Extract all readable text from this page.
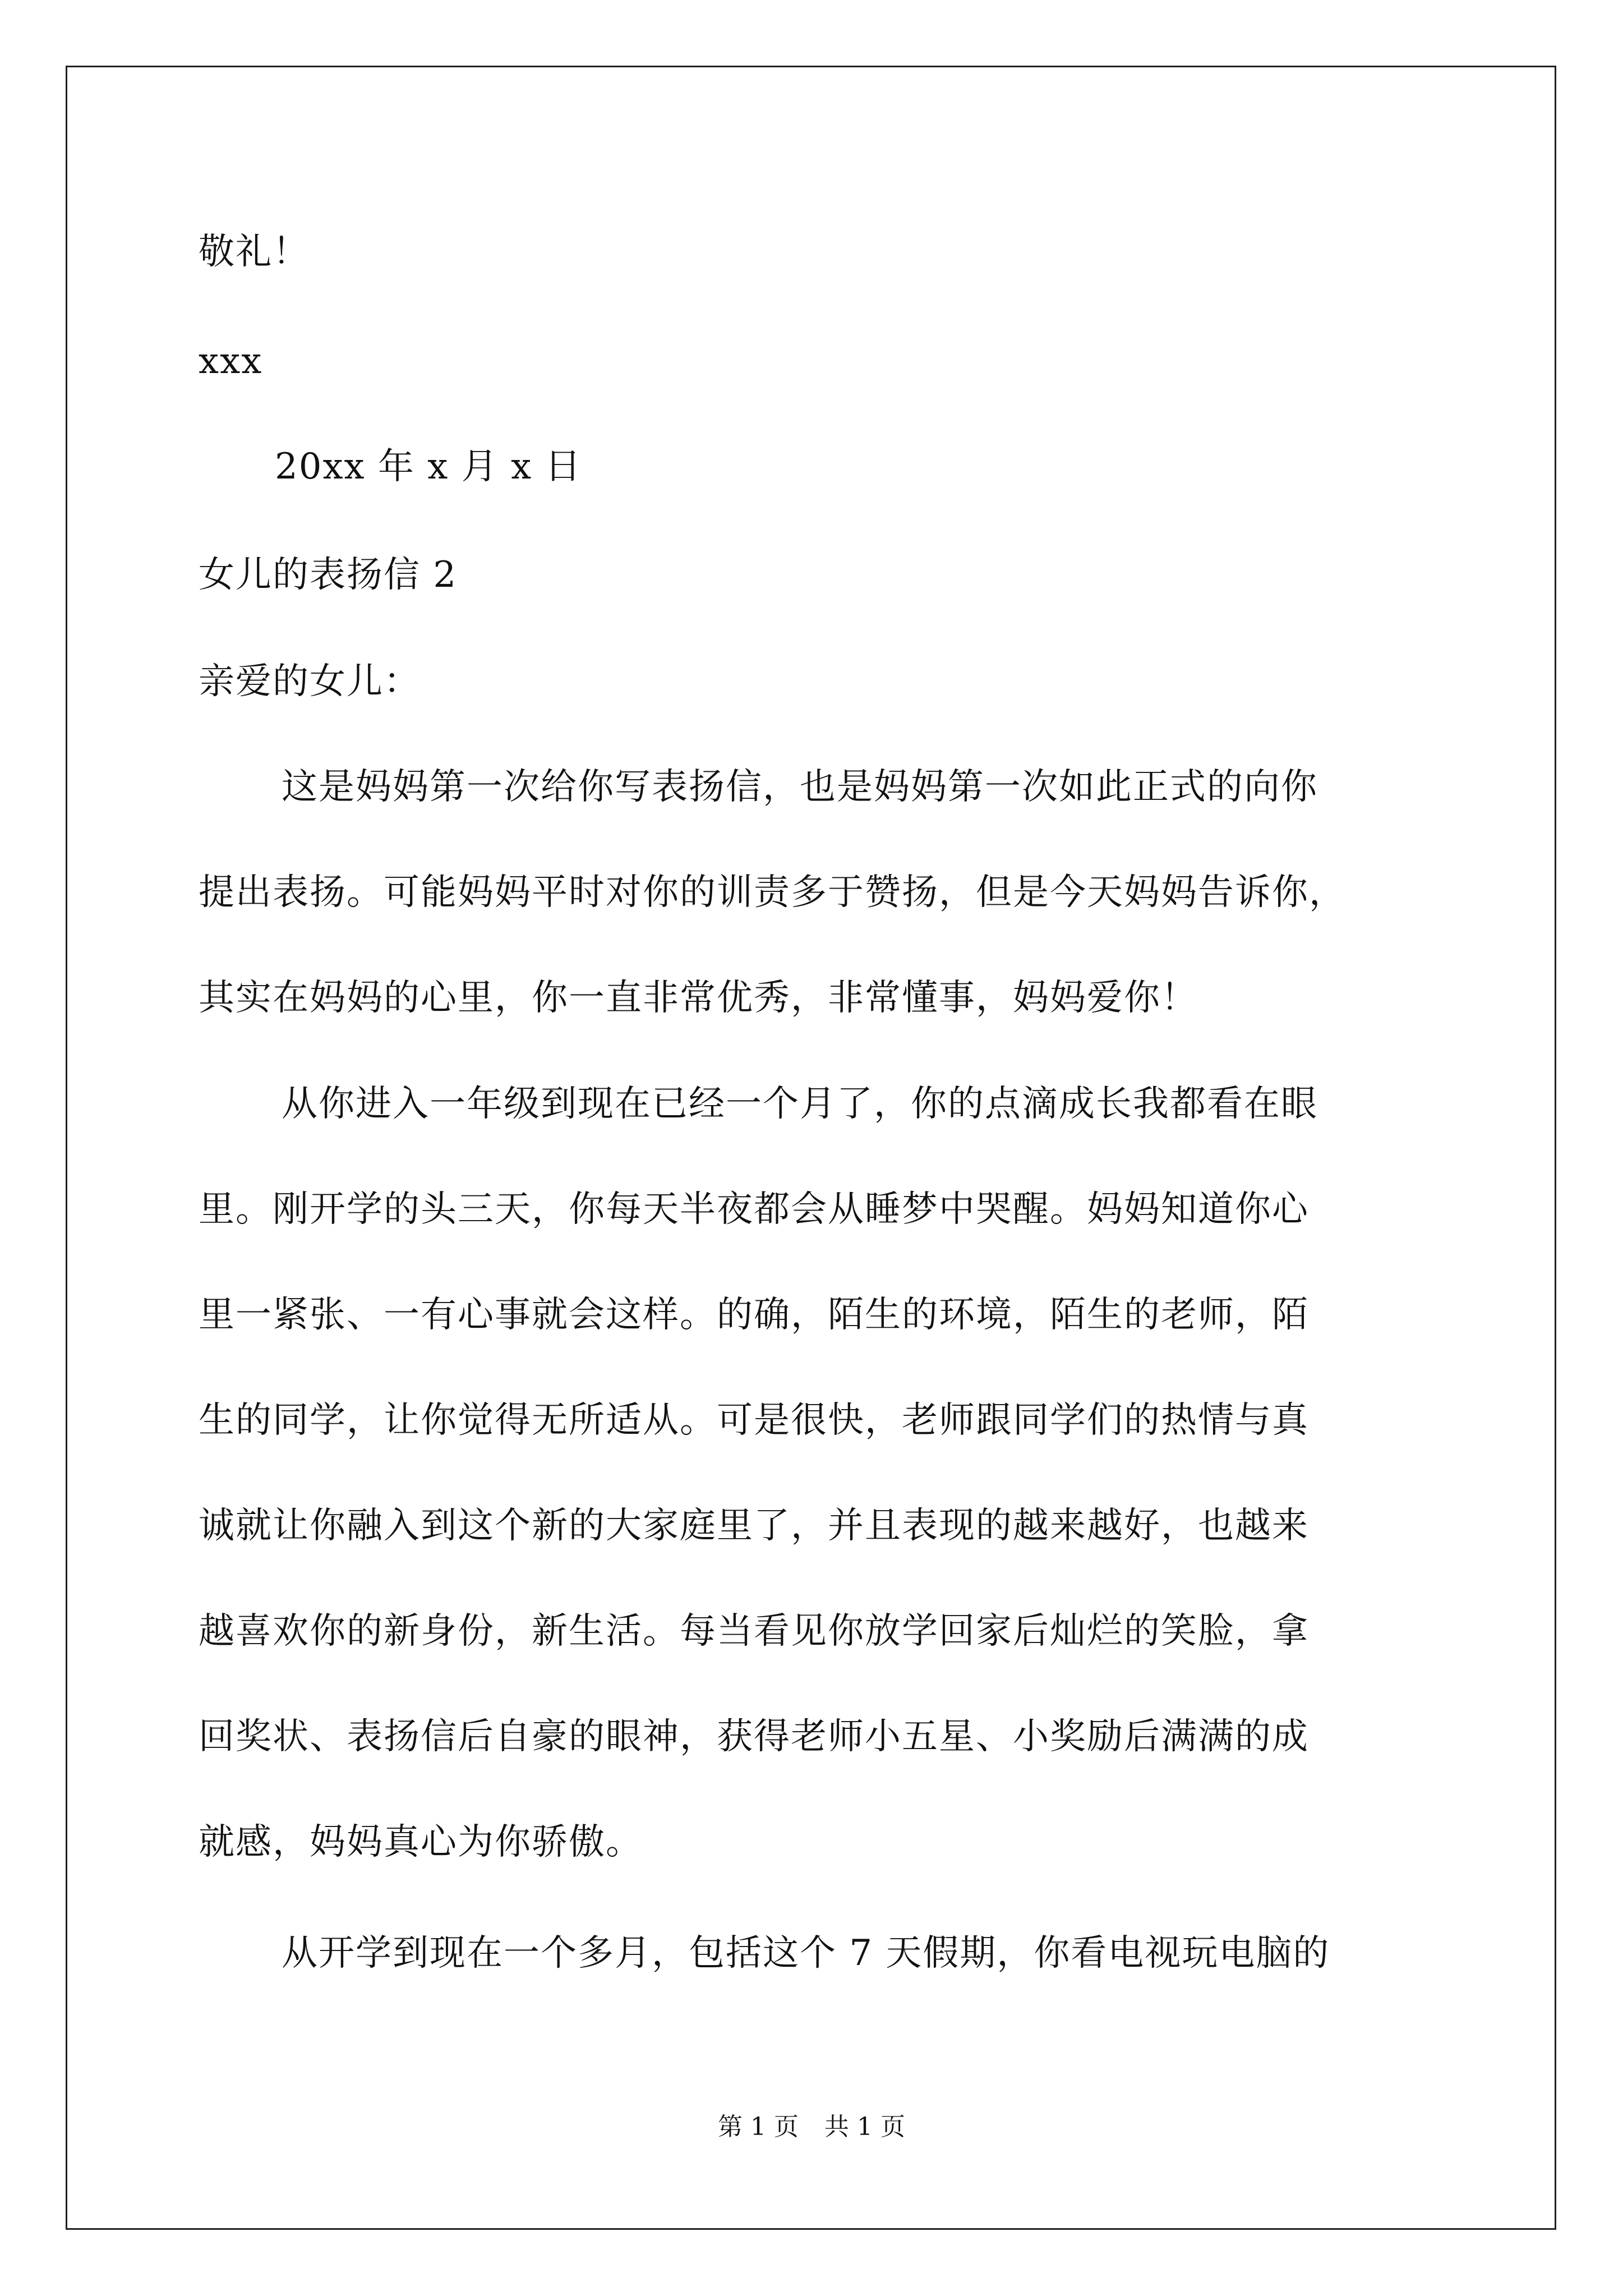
敬礼！
xxx
20xx 年 x 月 x 日
女儿的表扬信 2
亲爱的女儿：
这是妈妈第一次给你写表扬信，也是妈妈第一次如此正式的向你
提出表扬。可能妈妈平时对你的训责多于赞扬，但是今天妈妈告诉你，
其实在妈妈的心里，你一直非常优秀，非常懂事，妈妈爱你！
从你进入一年级到现在已经一个月了，你的点滴成长我都看在眼
里。刚开学的头三天，你每天半夜都会从睡梦中哭醒。妈妈知道你心
里一紧张、一有心事就会这样。的确，陌生的环境，陌生的老师，陌
生的同学，让你觉得无所适从。可是很快，老师跟同学们的热情与真
诚就让你融入到这个新的大家庭里了，并且表现的越来越好，也越来
越喜欢你的新身份，新生活。每当看见你放学回家后灿烂的笑脸，拿
回奖状、表扬信后自豪的眼神，获得老师小五星、小奖励后满满的成
就感，妈妈真心为你骄傲。
从开学到现在一个多月，包括这个 7 天假期，你看电视玩电脑的
第 1 页 共 1 页
